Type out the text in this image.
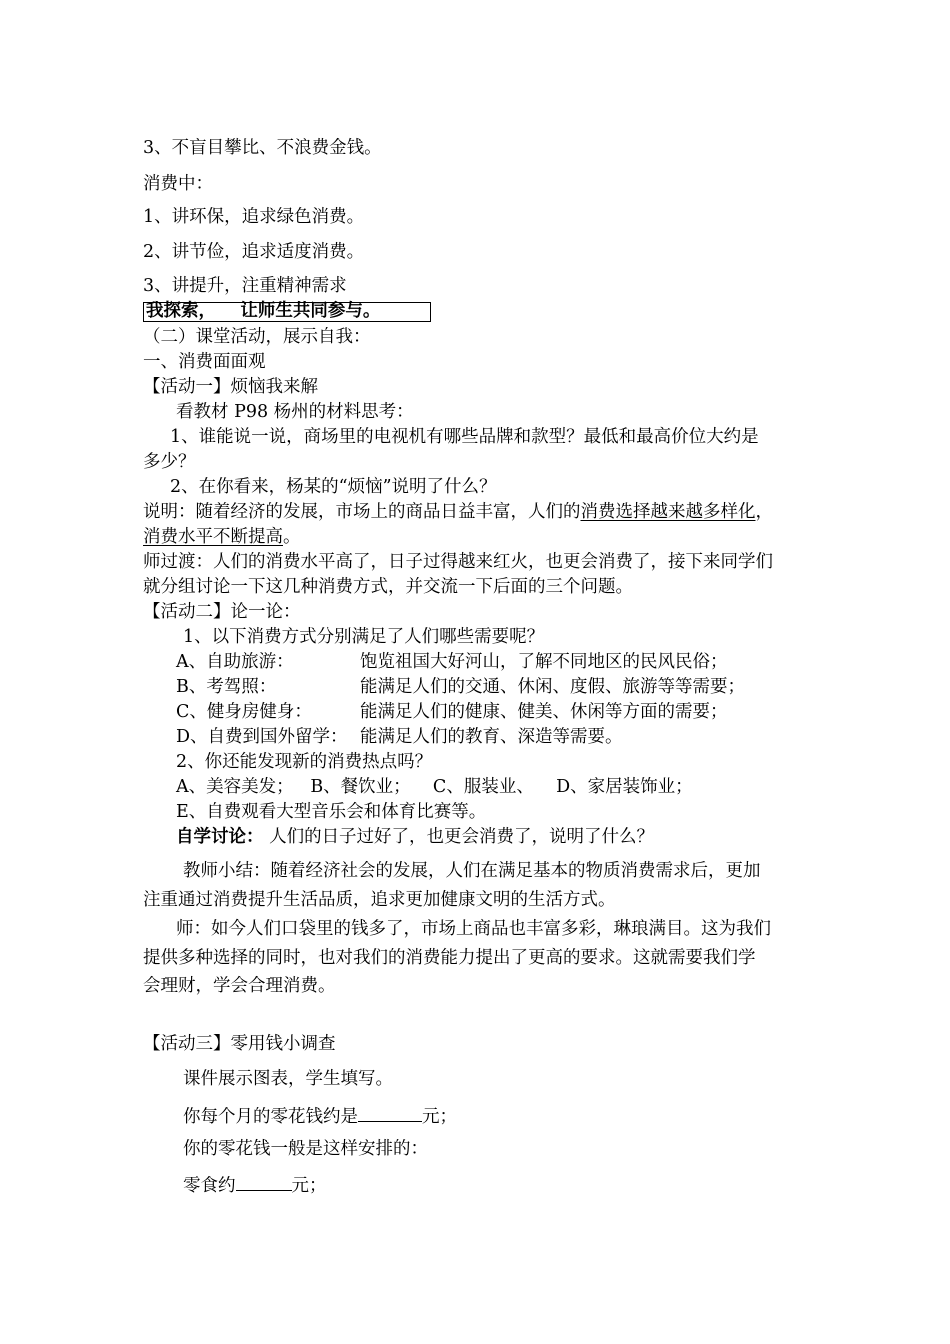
3、不盲目攀比、不浪费金钱。
消费中：
1、讲环保，追求绿色消费。
2、讲节俭，追求适度消费。
3、讲提升，注重精神需求
我探索，    让师生共同参与。
（二）课堂活动，展示自我：
一、消费面面观
【活动一】烦恼我来解
看教材 P98 杨州的材料思考：
1、谁能说一说，商场里的电视机有哪些品牌和款型？最低和最高价位大约是
多少？
2、在你看来，杨某的“烦恼”说明了什么？
说明：随着经济的发展，市场上的商品日益丰富，人们的消费选择越来越多样化，
消费水平不断提高。
师过渡：人们的消费水平高了，日子过得越来红火，也更会消费了，接下来同学们
就分组讨论一下这几种消费方式，并交流一下后面的三个问题。
【活动二】论一论：
1、以下消费方式分别满足了人们哪些需要呢？
A、自助旅游：	饱览祖国大好河山，了解不同地区的民风民俗；
B、考驾照：	能满足人们的交通、休闲、度假、旅游等等需要；
C、健身房健身：	能满足人们的健康、健美、休闲等方面的需要；
D、自费到国外留学： 能满足人们的教育、深造等需要。
2、你还能发现新的消费热点吗？
A、美容美发；   B、餐饮业；    C、服装业、    D、家居装饰业；
E、自费观看大型音乐会和体育比赛等。
自学讨论： 人们的日子过好了，也更会消费了，说明了什么？
教师小结：随着经济社会的发展，人们在满足基本的物质消费需求后，更加
注重通过消费提升生活品质，追求更加健康文明的生活方式。
师：如今人们口袋里的钱多了，市场上商品也丰富多彩，琳琅满目。这为我们
提供多种选择的同时，也对我们的消费能力提出了更高的要求。这就需要我们学
会理财，学会合理消费。
【活动三】零用钱小调查
课件展示图表，学生填写。
你每个月的零花钱约是	元；
你的零花钱一般是这样安排的：
零食约	元；
